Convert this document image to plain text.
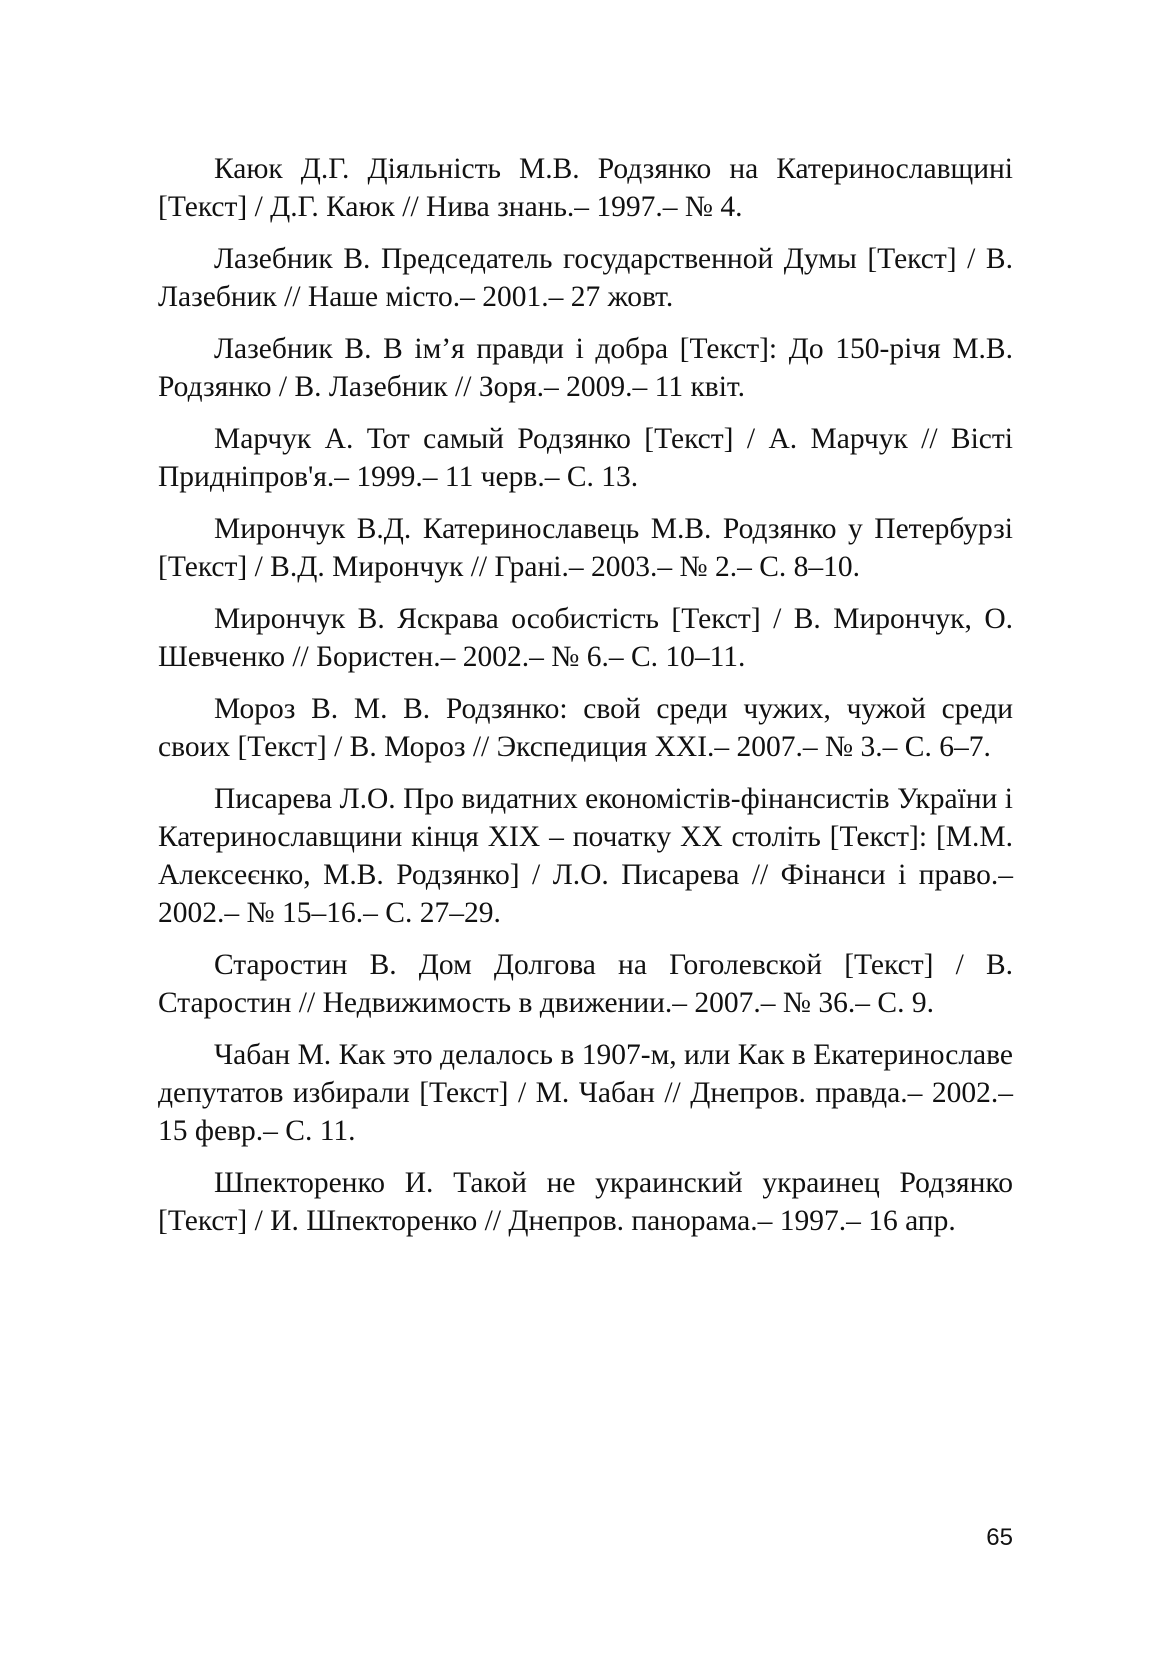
Каюк Д.Г. Діяльність М.В. Родзянко на Катеринославщині [Текст] / Д.Г. Каюк // Нива знань.– 1997.– № 4.
Лазебник В. Председатель государственной Думы [Текст] / В. Лазебник // Наше місто.– 2001.– 27 жовт.
Лазебник В. В ім’я правди і добра [Текст]: До 150-річя М.В. Родзянко / В. Лазебник // Зоря.– 2009.– 11 квіт.
Марчук А. Тот самый Родзянко [Текст] / А. Марчук // Вісті Придніпров'я.– 1999.– 11 черв.– С. 13.
Мирончук В.Д. Катеринославець М.В. Родзянко у Петербурзі [Текст] / В.Д. Мирончук // Грані.– 2003.– № 2.– С. 8–10.
Мирончук В. Яскрава особистість [Текст] / В. Мирончук, О. Шевченко // Бористен.– 2002.– № 6.– С. 10–11.
Мороз В. М. В. Родзянко: свой среди чужих, чужой среди своих [Текст] / В. Мороз // Экспедиция XXI.– 2007.– № 3.– С. 6–7.
Писарева Л.О. Про видатних економістів-фінансистів України і Катеринославщини кінця XIX – початку XX століть [Текст]: [М.М. Алексеєнко, М.В. Родзянко] / Л.О. Писарева // Фінанси і право.– 2002.– № 15–16.– С. 27–29.
Старостин В. Дом Долгова на Гоголевской [Текст] / В. Старостин // Недвижимость в движении.– 2007.– № 36.– С. 9.
Чабан М. Как это делалось в 1907-м, или Как в Екатеринославе депутатов избирали [Текст] / М. Чабан // Днепров. правда.– 2002.– 15 февр.– С. 11.
Шпекторенко И. Такой не украинский украинец Родзянко [Текст] / И. Шпекторенко // Днепров. панорама.– 1997.– 16 апр.
65
